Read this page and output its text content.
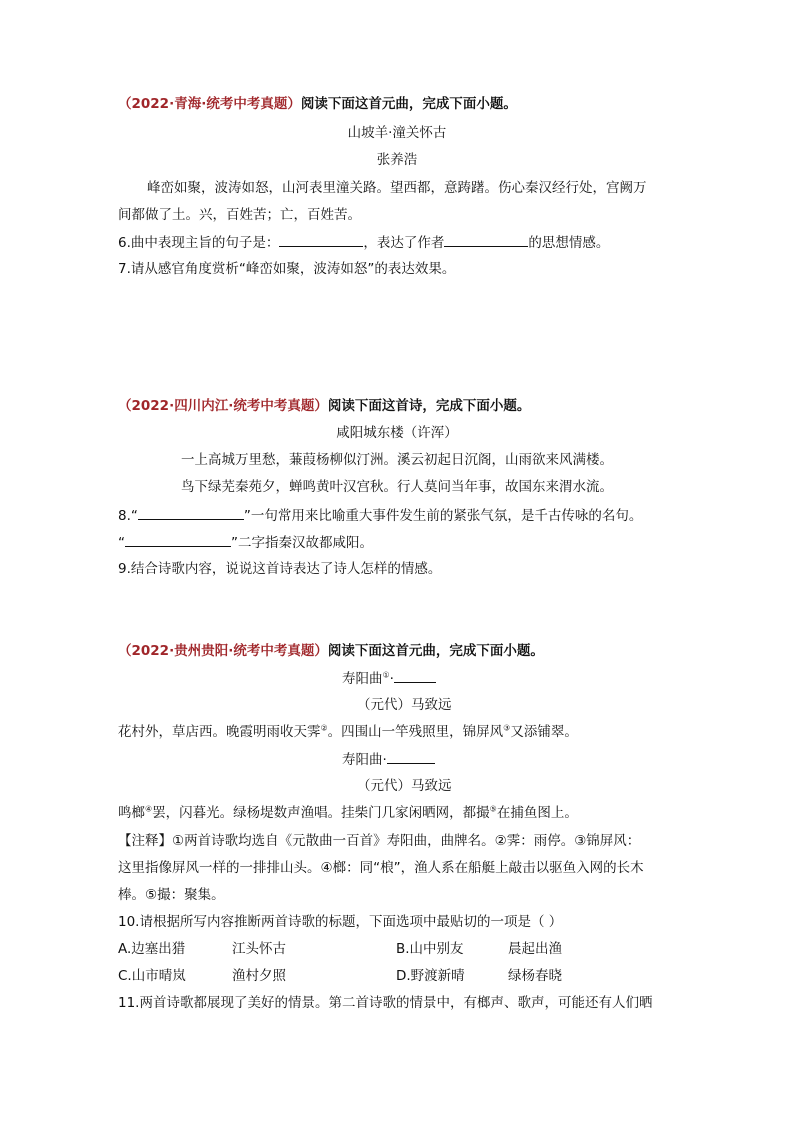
（2022·青海·统考中考真题）阅读下面这首元曲，完成下面小题。
山坡羊·潼关怀古
张养浩
峰峦如聚，波涛如怒，山河表里潼关路。望西都，意踌躇。伤心秦汉经行处，宫阙万
间都做了土。兴，百姓苦；亡，百姓苦。
6.曲中表现主旨的句子是：	，表达了作者	的思想情感。
7.请从感官角度赏析“峰峦如聚，波涛如怒”的表达效果。
（2022·四川内江·统考中考真题）阅读下面这首诗，完成下面小题。
咸阳城东楼（许浑）
一上高城万里愁，蒹葭杨柳似汀洲。溪云初起日沉阁，山雨欲来风满楼。
鸟下绿芜秦苑夕，蝉鸣黄叶汉宫秋。行人莫问当年事，故国东来渭水流。
8.“	”一句常用来比喻重大事件发生前的紧张气氛，是千古传咏的名句。
“	”二字指秦汉故都咸阳。
9.结合诗歌内容，说说这首诗表达了诗人怎样的情感。
（2022·贵州贵阳·统考中考真题）阅读下面这首元曲，完成下面小题。
寿阳曲①·
（元代）马致远
花村外，草店西。晚霞明雨收天霁②。四围山一竿残照里，锦屏风③又添铺翠。
寿阳曲·
（元代）马致远
鸣榔④罢，闪暮光。绿杨堤数声渔唱。挂柴门几家闲晒网，都撮⑤在捕鱼图上。
【注释】①两首诗歌均选自《元散曲一百首》寿阳曲，曲牌名。②霁：雨停。③锦屏风：
这里指像屏风一样的一排排山头。④榔：同“桹”，渔人系在船艇上敲击以驱鱼入网的长木
棒。⑤撮：聚集。
10.请根据所写内容推断两首诗歌的标题，下面选项中最贴切的一项是（ ）
A.边塞出猎	江头怀古	B.山中别友	晨起出渔
C.山市晴岚	渔村夕照	D.野渡新晴	绿杨春晓
11.两首诗歌都展现了美好的情景。第二首诗歌的情景中，有榔声、歌声，可能还有人们晒
